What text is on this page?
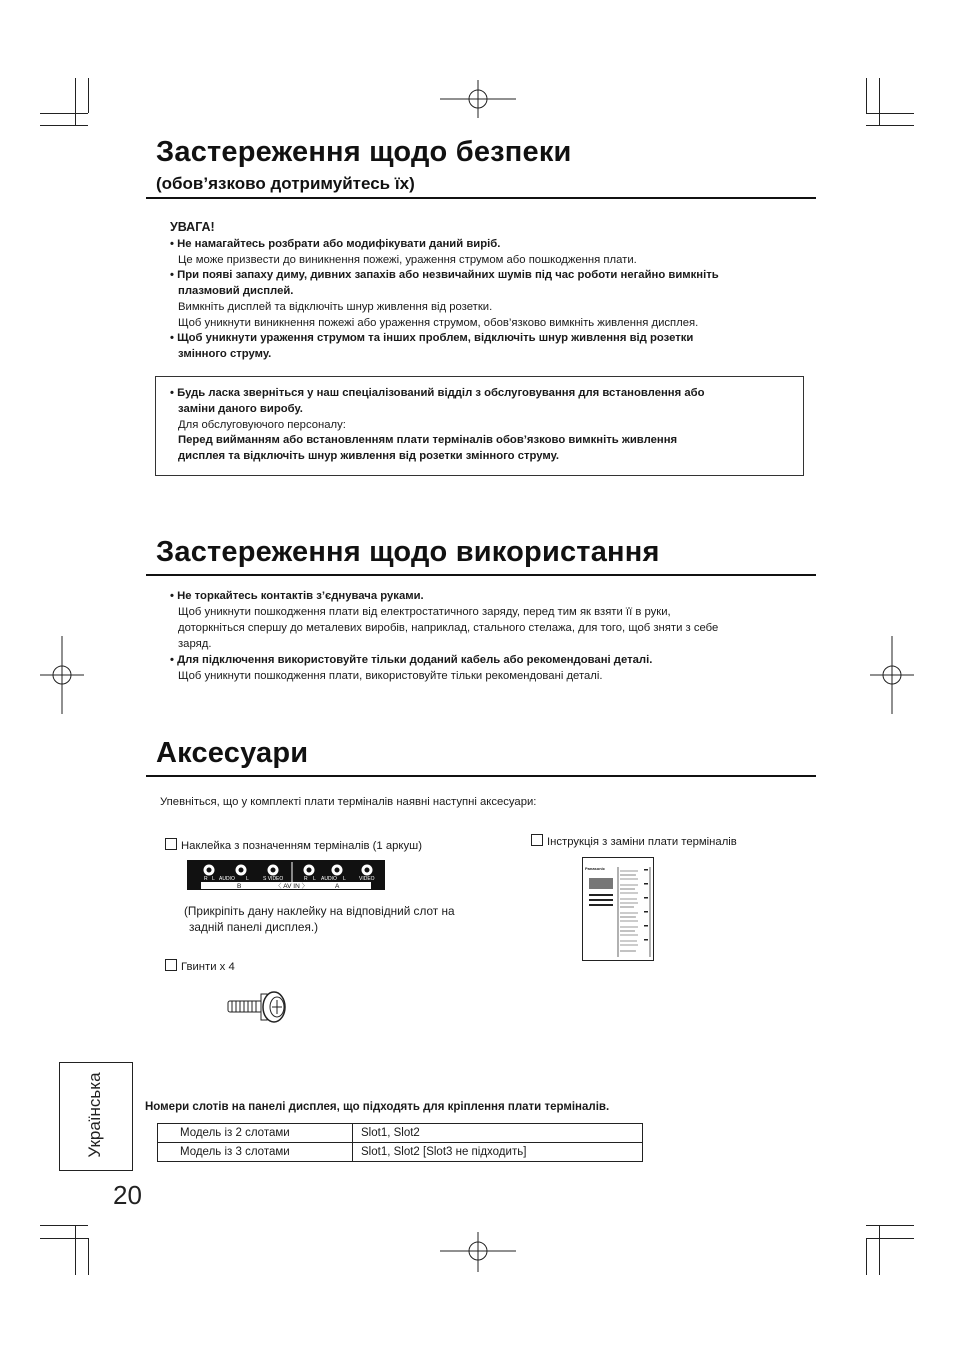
Застереження щодо безпеки
(обов’язково дотримуйтесь їх)
УВАГА!
• Не намагайтесь розбрати або модифікувати даний виріб.
Це може призвести до виникнення пожежі, ураження струмом або пошкодження плати.
• При появі запаху диму, дивних запахів або незвичайних шумів під час роботи негайно вимкніть
плазмовий дисплей.
Вимкніть дисплей та відключіть шнур живлення від розетки.
Щоб уникнути виникнення пожежі або ураження струмом, обов’язково вимкніть живлення дисплея.
• Щоб уникнути ураження струмом та інших проблем, відключіть шнур живлення від розетки
змінного струму.
• Будь ласка зверніться у наш спеціалізований відділ з обслуговування для встановлення або
заміни даного виробу.
Для обслуговуючого персоналу:
Перед вийманням або встановленням плати терміналів обов’язково вимкніть живлення
дисплея та відключіть шнур живлення від розетки змінного струму.
Застереження щодо використання
• Не торкайтесь контактів з’єднувача руками.
Щоб уникнути пошкодження плати від електростатичного заряду, перед тим як взяти її в руки,
доторкніться спершу до металевих виробів, наприклад, стального стелажа, для того, щоб зняти з себе
заряд.
• Для підключення використовуйте тільки доданий кабель або рекомендовані деталі.
Щоб уникнути пошкодження плати, використовуйте тільки рекомендовані деталі.
Аксесуари
Упевніться, що у комплекті плати терміналів наявні наступні аксесуари:
Наклейка з позначенням терміналів (1 аркуш)
R L AUDIO L	S VIDEO	R L AUDIO L	VIDEO
B	〈 AV IN 〉	A
(Прикріпіть дану наклейку на відповідний слот на
задній панелі дисплея.)
Гвинти x 4
Інструкція з заміни плати терміналів
Panasonic
Номери слотів на панелі дисплея, що підходять для кріплення плати терміналів.
Модель із 2 слотами	Slot1, Slot2
Модель із 3 слотами	Slot1, Slot2 [Slot3 не підходить]
Українська
20
